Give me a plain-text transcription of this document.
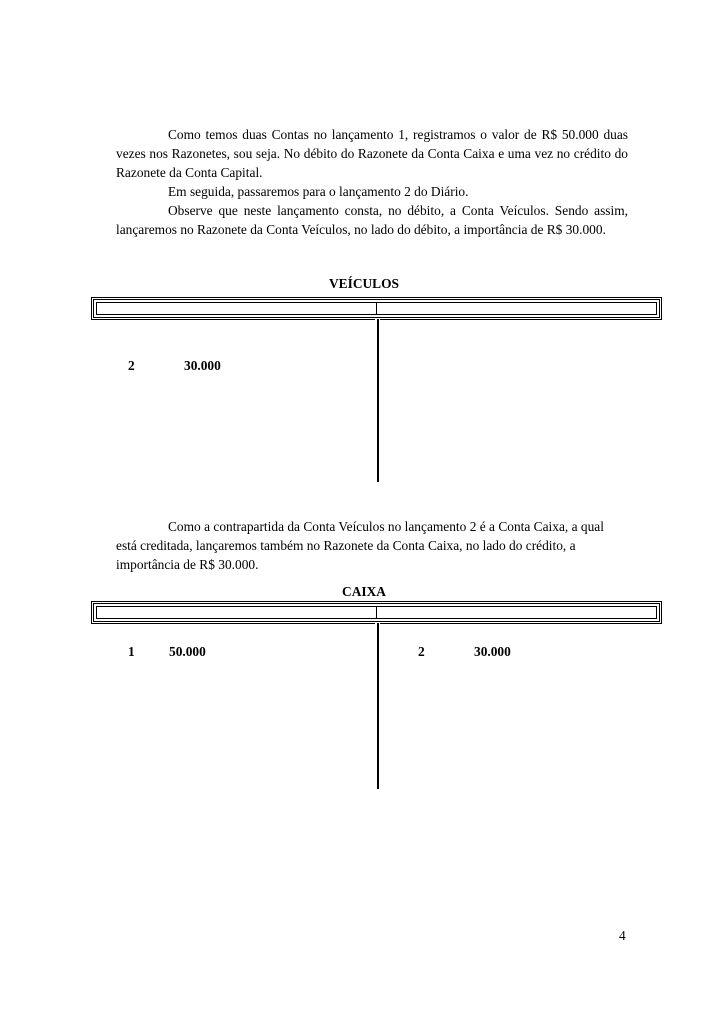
Como temos duas Contas no lançamento 1, registramos o valor de R$ 50.000 duas vezes nos Razonetes, sou seja. No débito do Razonete da Conta Caixa e uma vez no crédito do Razonete da Conta Capital.

Em seguida, passaremos para o lançamento 2 do Diário.

Observe que neste lançamento consta, no débito, a Conta Veículos. Sendo assim, lançaremos no Razonete da Conta Veículos, no lado do débito, a importância de R$ 30.000.

VEÍCULOS
2	30.000

Como a contrapartida da Conta Veículos no lançamento 2 é a Conta Caixa, a qual está creditada, lançaremos também no Razonete da Conta Caixa, no lado do crédito, a importância de R$ 30.000.

CAIXA
1	50.000	2	30.000
4
